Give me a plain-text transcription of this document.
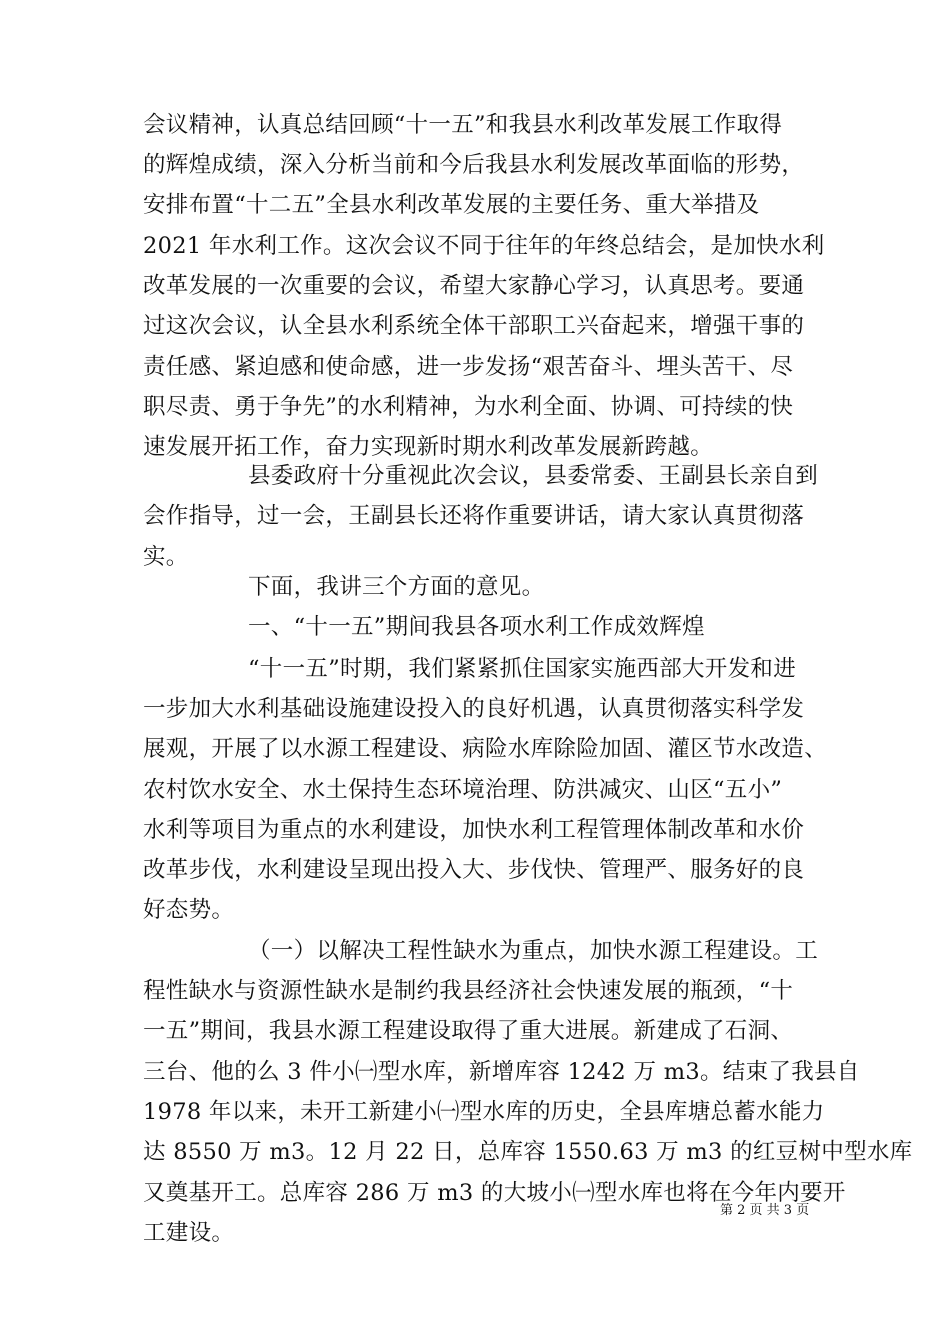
会议精神，认真总结回顾“十一五”和我县水利改革发展工作取得
的辉煌成绩，深入分析当前和今后我县水利发展改革面临的形势，
安排布置“十二五”全县水利改革发展的主要任务、重大举措及
2021 年水利工作。这次会议不同于往年的年终总结会，是加快水利
改革发展的一次重要的会议，希望大家静心学习，认真思考。要通
过这次会议，认全县水利系统全体干部职工兴奋起来，增强干事的
责任感、紧迫感和使命感，进一步发扬“艰苦奋斗、埋头苦干、尽
职尽责、勇于争先”的水利精神，为水利全面、协调、可持续的快
速发展开拓工作，奋力实现新时期水利改革发展新跨越。
县委政府十分重视此次会议，县委常委、王副县长亲自到
会作指导，过一会，王副县长还将作重要讲话，请大家认真贯彻落
实。
下面，我讲三个方面的意见。
一、“十一五”期间我县各项水利工作成效辉煌
“十一五”时期，我们紧紧抓住国家实施西部大开发和进
一步加大水利基础设施建设投入的良好机遇，认真贯彻落实科学发
展观，开展了以水源工程建设、病险水库除险加固、灌区节水改造、
农村饮水安全、水土保持生态环境治理、防洪减灾、山区“五小”
水利等项目为重点的水利建设，加快水利工程管理体制改革和水价
改革步伐，水利建设呈现出投入大、步伐快、管理严、服务好的良
好态势。
（一）以解决工程性缺水为重点，加快水源工程建设。工
程性缺水与资源性缺水是制约我县经济社会快速发展的瓶颈，“十
一五”期间，我县水源工程建设取得了重大进展。新建成了石洞、
三台、他的么 3 件小㈠型水库，新增库容 1242 万 m3。结束了我县自
1978 年以来，未开工新建小㈠型水库的历史，全县库塘总蓄水能力
达 8550 万 m3。12 月 22 日，总库容 1550.63 万 m3 的红豆树中型水库
又奠基开工。总库容 286 万 m3 的大坡小㈠型水库也将在今年内要开
工建设。
第 2 页 共 3 页
